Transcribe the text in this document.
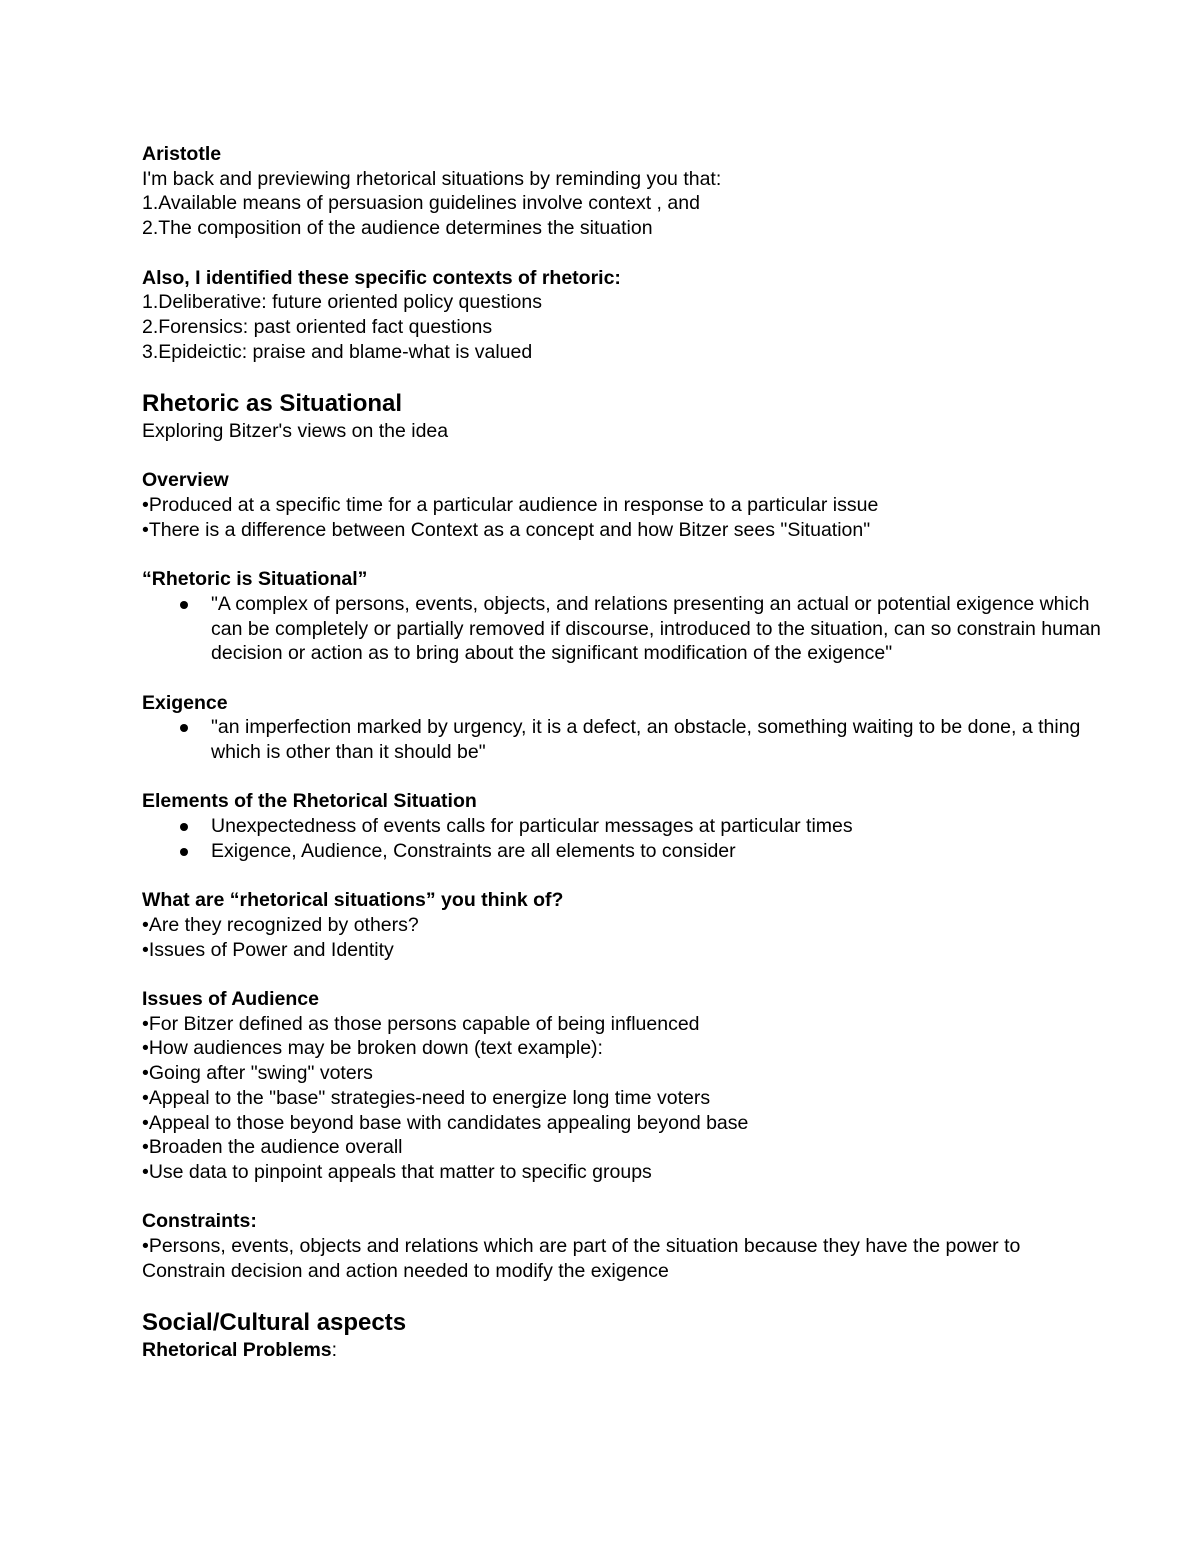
Aristotle
I'm back and previewing rhetorical situations by reminding you that:
1.Available means of persuasion guidelines involve context , and
2.The composition of the audience determines the situation
Also, I identified these specific contexts of rhetoric:
1.Deliberative: future oriented policy questions
2.Forensics: past oriented fact questions
3.Epideictic: praise and blame-what is valued
Rhetoric as Situational
Exploring Bitzer's views on the idea
Overview
•Produced at a specific time for a particular audience in response to a particular issue
•There is a difference between Context as a concept and how Bitzer sees "Situation"
“Rhetoric is Situational”
"A complex of persons, events, objects, and relations presenting an actual or potential exigence which
can be completely or partially removed if discourse, introduced to the situation, can so constrain human
decision or action as to bring about the significant modification of the exigence"
Exigence
"an imperfection marked by urgency, it is a defect, an obstacle, something waiting to be done, a thing
which is other than it should be"
Elements of the Rhetorical Situation
Unexpectedness of events calls for particular messages at particular times
Exigence, Audience, Constraints are all elements to consider
What are “rhetorical situations” you think of?
•Are they recognized by others?
•Issues of Power and Identity
Issues of Audience
•For Bitzer defined as those persons capable of being influenced
•How audiences may be broken down (text example):
•Going after "swing" voters
•Appeal to the "base" strategies-need to energize long time voters
•Appeal to those beyond base with candidates appealing beyond base
•Broaden the audience overall
•Use data to pinpoint appeals that matter to specific groups
Constraints:
•Persons, events, objects and relations which are part of the situation because they have the power to
Constrain decision and action needed to modify the exigence
Social/Cultural aspects
Rhetorical Problems:
